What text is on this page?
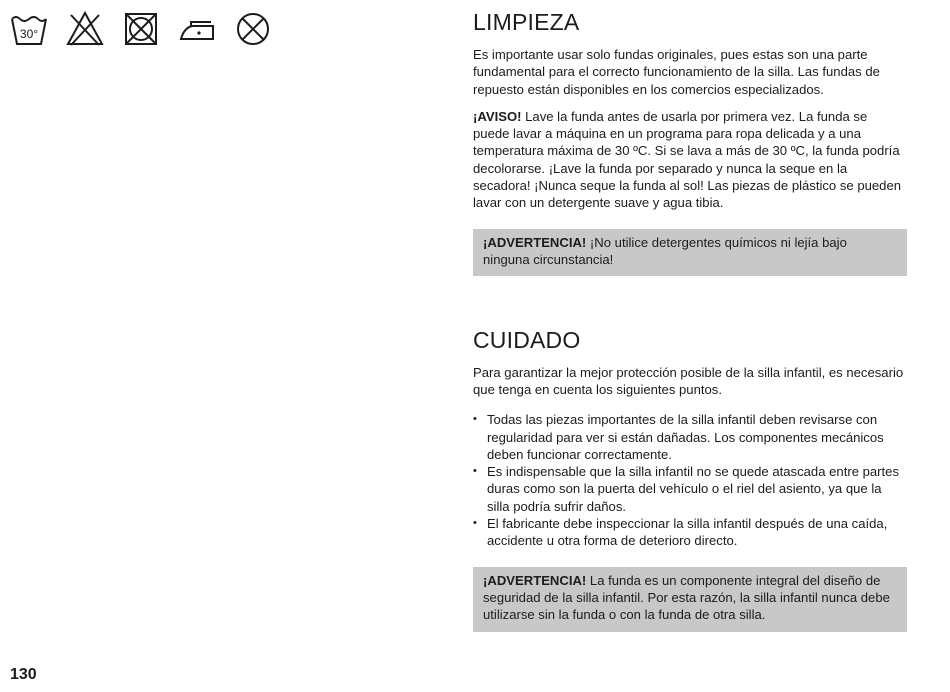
30°	LIMPIEZA

Es importante usar solo fundas originales, pues estas son una parte fundamental para el correcto funcionamiento de la silla. Las fundas de repuesto están disponibles en los comercios especializados.

¡AVISO! Lave la funda antes de usarla por primera vez. La funda se puede lavar a máquina en un programa para ropa delicada y a una temperatura máxima de 30 ºC. Si se lava a más de 30 ºC, la funda podría decolorarse. ¡Lave la funda por separado y nunca la seque en la secadora! ¡Nunca seque la funda al sol! Las piezas de plástico se pueden lavar con un detergente suave y agua tibia.

¡ADVERTENCIA! ¡No utilice detergentes químicos ni lejía bajo ninguna circunstancia!
CUIDADO

Para garantizar la mejor protección posible de la silla infantil, es necesario que tenga en cuenta los siguientes puntos.

• Todas las piezas importantes de la silla infantil deben revisarse con regularidad para ver si están dañadas. Los componentes mecánicos deben funcionar correctamente.
• Es indispensable que la silla infantil no se quede atascada entre partes duras como son la puerta del vehículo o el riel del asiento, ya que la silla podría sufrir daños.
• El fabricante debe inspeccionar la silla infantil después de una caída, accidente u otra forma de deterioro directo.
¡ADVERTENCIA! La funda es un componente integral del diseño de seguridad de la silla infantil. Por esta razón, la silla infantil nunca debe utilizarse sin la funda o con la funda de otra silla.
130
